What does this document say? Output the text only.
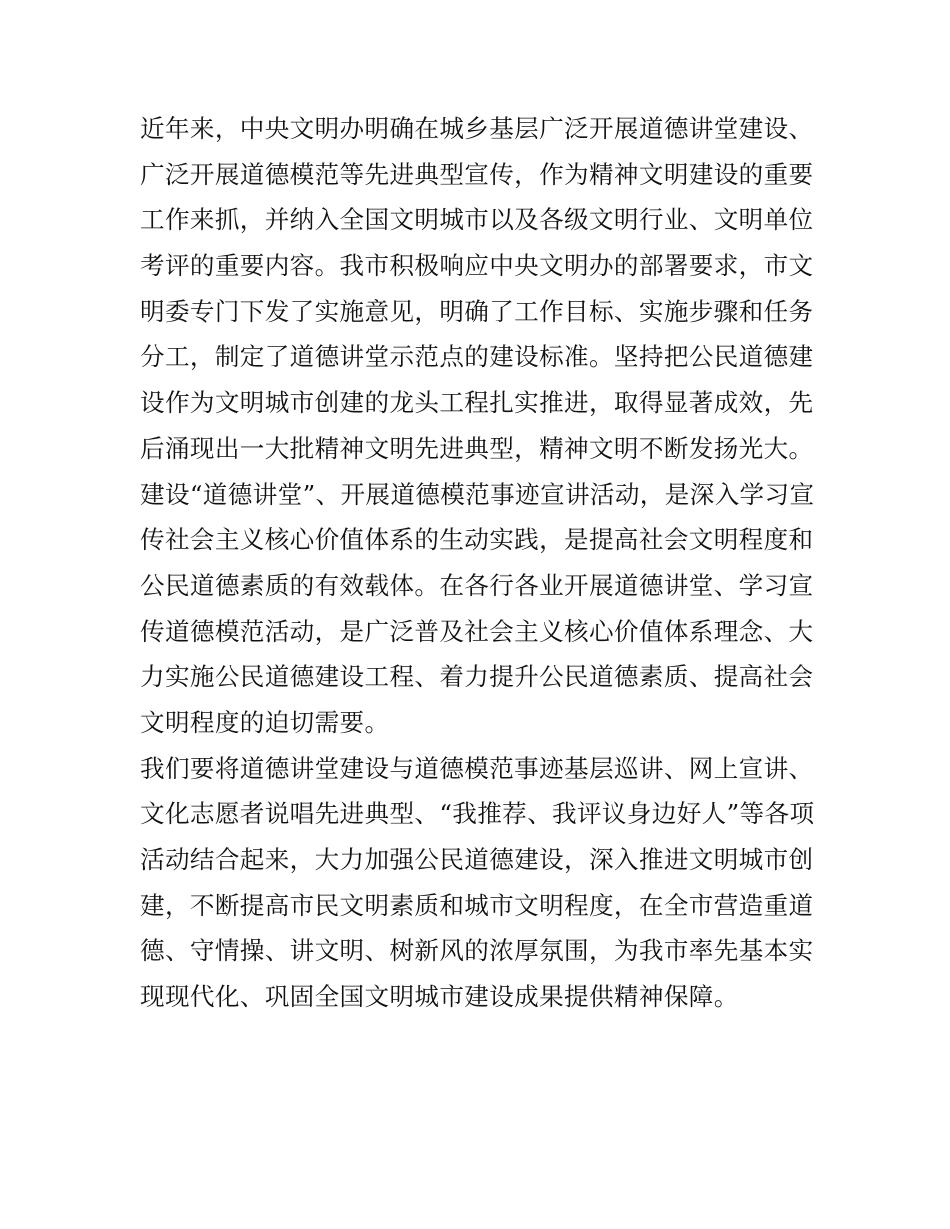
近年来，中央文明办明确在城乡基层广泛开展道德讲堂建设、
广泛开展道德模范等先进典型宣传，作为精神文明建设的重要
工作来抓，并纳入全国文明城市以及各级文明行业、文明单位
考评的重要内容。我市积极响应中央文明办的部署要求，市文
明委专门下发了实施意见，明确了工作目标、实施步骤和任务
分工，制定了道德讲堂示范点的建设标准。坚持把公民道德建
设作为文明城市创建的龙头工程扎实推进，取得显著成效，先
后涌现出一大批精神文明先进典型，精神文明不断发扬光大。
建设“道德讲堂”、开展道德模范事迹宣讲活动，是深入学习宣
传社会主义核心价值体系的生动实践，是提高社会文明程度和
公民道德素质的有效载体。在各行各业开展道德讲堂、学习宣
传道德模范活动，是广泛普及社会主义核心价值体系理念、大
力实施公民道德建设工程、着力提升公民道德素质、提高社会
文明程度的迫切需要。
我们要将道德讲堂建设与道德模范事迹基层巡讲、网上宣讲、
文化志愿者说唱先进典型、“我推荐、我评议身边好人”等各项
活动结合起来，大力加强公民道德建设，深入推进文明城市创
建，不断提高市民文明素质和城市文明程度，在全市营造重道
德、守情操、讲文明、树新风的浓厚氛围，为我市率先基本实
现现代化、巩固全国文明城市建设成果提供精神保障。
